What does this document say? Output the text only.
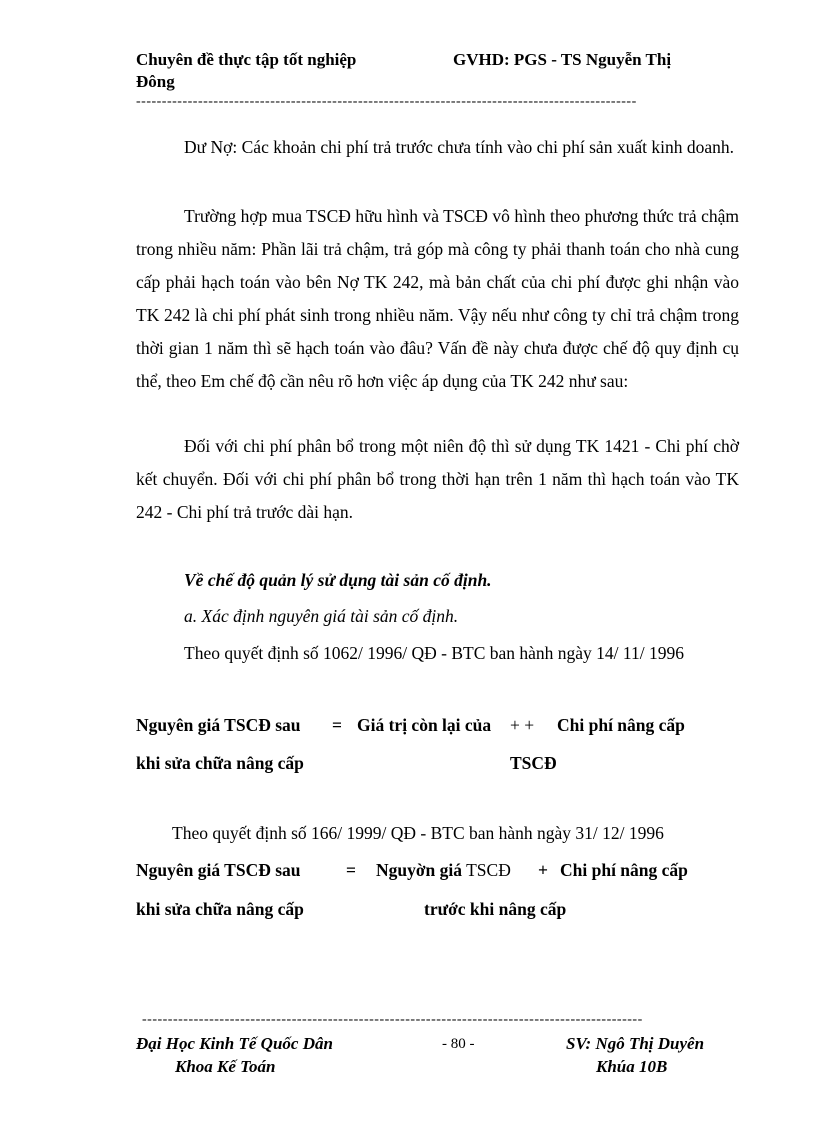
Chuyên đề thực tập tốt nghiệp	GVHD: PGS - TS Nguyễn Thị
Đông
-------------------------------------------------------------------------------------------------
Dư Nợ: Các khoản chi phí trả trước chưa tính vào chi phí sản xuất kinh doanh.
Trường hợp mua TSCĐ hữu hình và TSCĐ vô hình theo phương thức trả chậm trong nhiều năm: Phần lãi trả chậm, trả góp mà công ty phải thanh toán cho nhà cung cấp phải hạch toán vào bên Nợ TK 242, mà bản chất của chi phí được ghi nhận vào TK 242 là chi phí phát sinh trong nhiều năm. Vậy nếu như công ty chỉ trả chậm trong thời gian 1 năm thì sẽ hạch toán vào đâu? Vấn đề này chưa được chế độ quy định cụ thể, theo Em chế độ cần nêu rõ hơn việc áp dụng của TK 242 như sau:
Đối với chi phí phân bổ trong một niên độ thì sử dụng TK 1421 - Chi phí chờ kết chuyển. Đối với chi phí phân bổ trong thời hạn trên 1 năm thì hạch toán vào TK 242 - Chi phí trả trước dài hạn.
Về chế độ quản lý sử dụng tài sản cố định.
a. Xác định nguyên giá tài sản cố định.
Theo quyết định số 1062/ 1996/ QĐ - BTC ban hành ngày 14/ 11/ 1996
Nguyên giá TSCĐ sau = Giá trị còn lại của + + Chi phí nâng cấp
khi sửa chữa nâng cấp	TSCĐ
Theo quyết định số 166/ 1999/ QĐ - BTC ban hành ngày 31/ 12/ 1996
Nguyên giá TSCĐ sau	= Nguyờn giá TSCĐ + Chi phí nâng cấp
khi sửa chữa nâng cấp	trước khi nâng cấp
-------------------------------------------------------------------------------------------------
Đại Học Kinh Tế Quốc Dân	- 80 -	SV: Ngô Thị Duyên
Khoa Kế Toán	Khúa 10B
